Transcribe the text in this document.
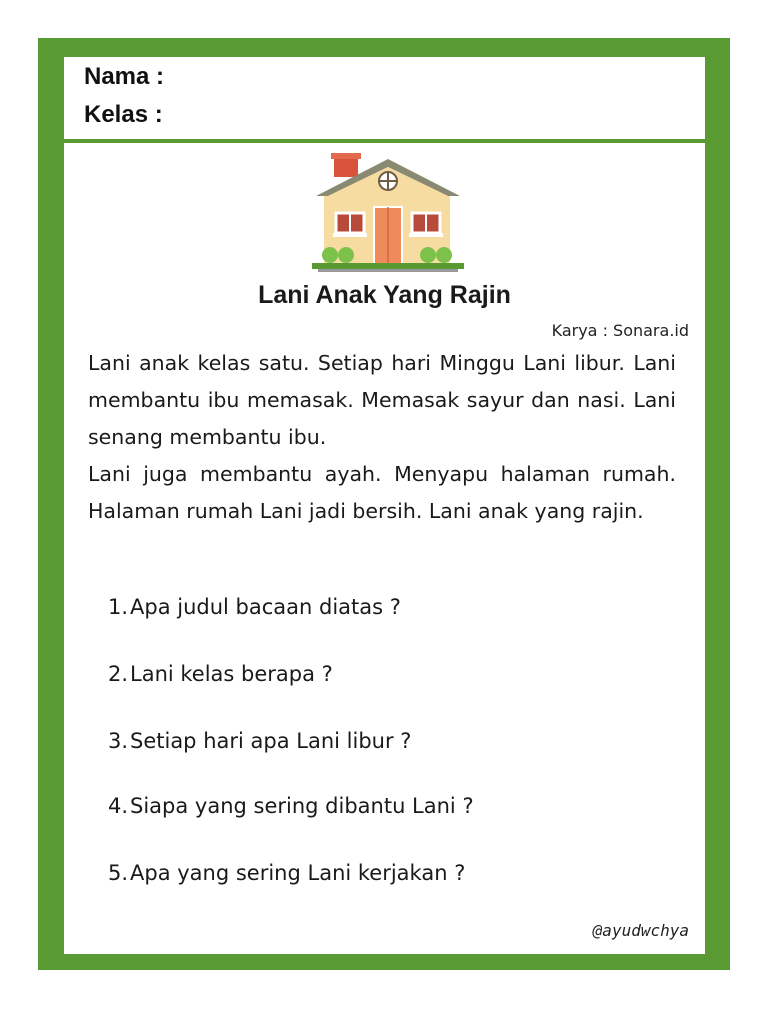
Nama :
Kelas :
Lani Anak Yang Rajin
Karya : Sonara.id

Lani anak kelas satu. Setiap hari Minggu Lani libur. Lani membantu ibu memasak. Memasak sayur dan nasi. Lani senang membantu ibu.

Lani juga membantu ayah. Menyapu halaman rumah. Halaman rumah Lani jadi bersih. Lani anak yang rajin.

1.Apa judul bacaan diatas ?
2.Lani kelas berapa ?
3.Setiap hari apa Lani libur ?
4.Siapa yang sering dibantu Lani ?
5.Apa yang sering Lani kerjakan ?
@ayudwchya
